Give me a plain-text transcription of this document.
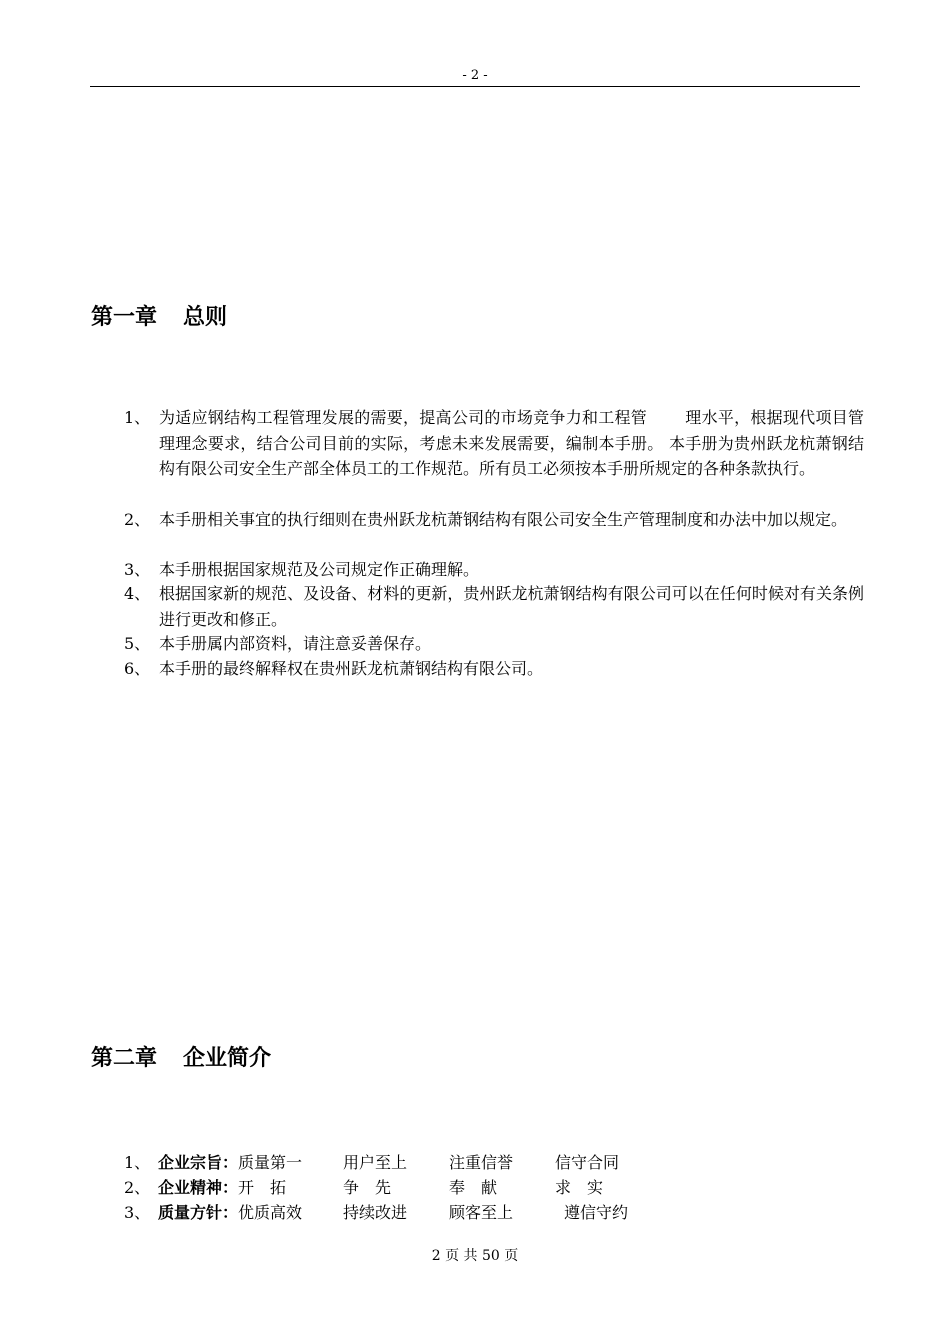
- 2 -
第一章 总则
1、 为适应钢结构工程管理发展的需要，提高公司的市场竞争力和工程管 理水平，根据现代项目管理理念要求，结合公司目前的实际，考虑未来发展需要，编制本手册。 本手册为贵州跃龙杭萧钢结构有限公司安全生产部全体员工的工作规范。所有员工必须按本手册所规定的各种条款执行。
2、 本手册相关事宜的执行细则在贵州跃龙杭萧钢结构有限公司安全生产管理制度和办法中加以规定。
3、 本手册根据国家规范及公司规定作正确理解。
4、 根据国家新的规范、及设备、材料的更新，贵州跃龙杭萧钢结构有限公司可以在任何时候对有关条例进行更改和修正。
5、 本手册属内部资料，请注意妥善保存。
6、 本手册的最终解释权在贵州跃龙杭萧钢结构有限公司。
第二章 企业简介
1、 企业宗旨：质量第一	用户至上	注重信誉	信守合同
2、 企业精神：开　拓	争　先	奉　献	求　实
3、 质量方针：优质高效	持续改进	顾客至上	遵信守约
2 页 共 50 页
